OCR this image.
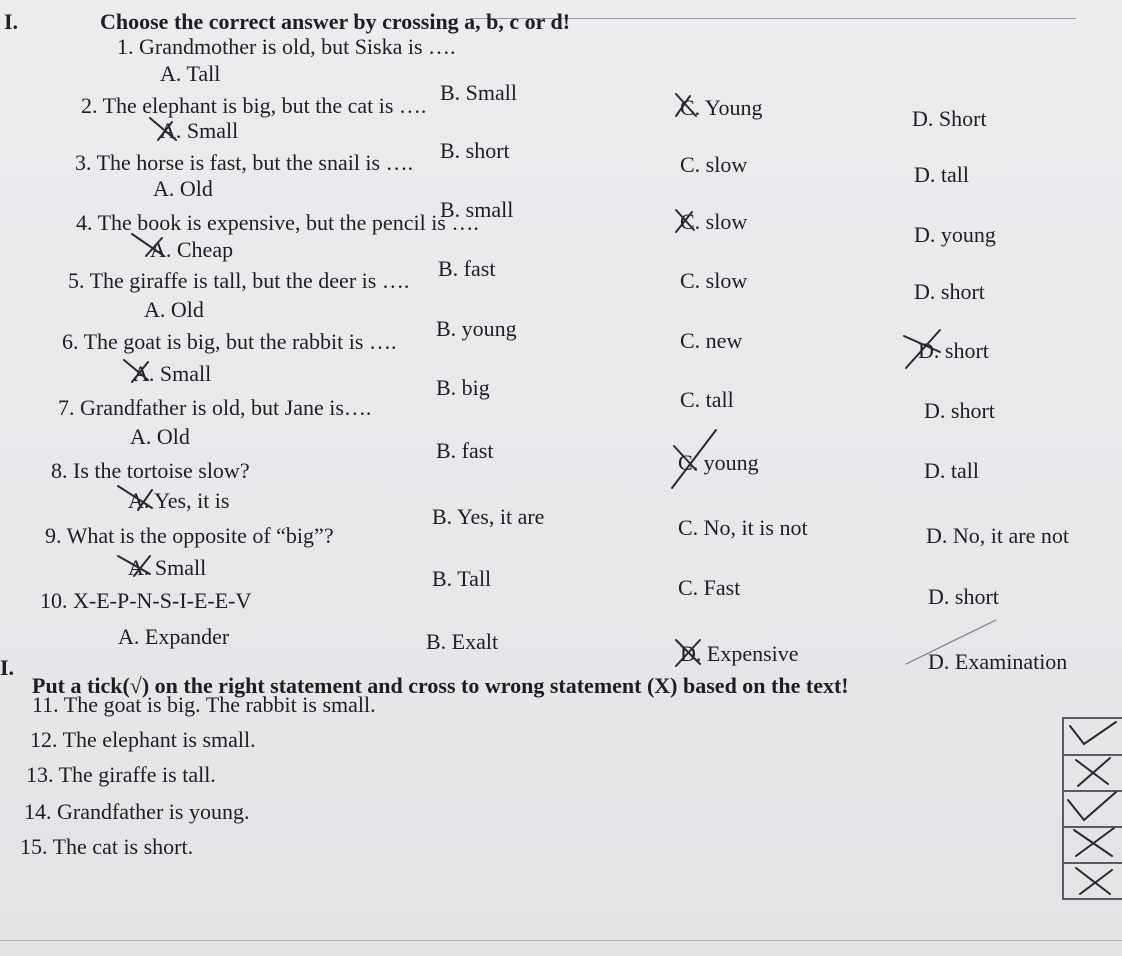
I.	Choose the correct answer by crossing a, b, c or d!
1. Grandmother is old, but Siska is ….
A. Tall
B. Small
C. Young	D. Short
2. The elephant is big, but the cat is ….
A. Small
B. short
C. slow	D. tall
3. The horse is fast, but the snail is ….
A. Old
B. small	C. slow
D. young
4. The book is expensive, but the pencil is ….
A. Cheap
B. fast	C. slow	D. short
5. The giraffe is tall, but the deer is ….
A. Old
B. young	C. new	D. short
6. The goat is big, but the rabbit is ….
A. Small
B. big	C. tall	D. short
7. Grandfather is old, but Jane is….
A. Old
B. fast	C. young	D. tall
8. Is the tortoise slow?
A. Yes, it is
B. Yes, it are	C. No, it is not	D. No, it are not
9. What is the opposite of “big”?
A. Small	B. Tall	C. Fast	D. short
10. X-E-P-N-S-I-E-E-V
A. Expander	B. Exalt	D. Expensive	D. Examination
I.
Put a tick(√) on the right statement and cross to wrong statement (X) based on the text!
11. The goat is big. The rabbit is small.
12. The elephant is small.
13. The giraffe is tall.
14. Grandfather is young.
15. The cat is short.
